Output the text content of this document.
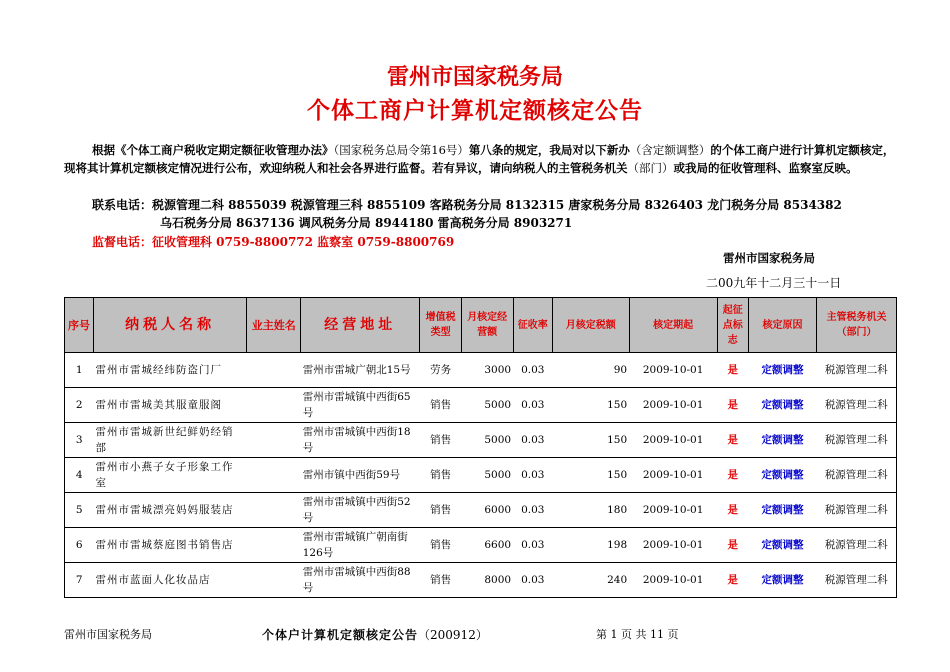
雷州市国家税务局
个体工商户计算机定额核定公告
根据《个体工商户税收定期定额征收管理办法》（国家税务总局令第16号）第八条的规定，我局对以下新办（含定额调整）的个体工商户进行计算机定额核定，现将其计算机定额核定情况进行公布，欢迎纳税人和社会各界进行监督。若有异议，请向纳税人的主管税务机关（部门）或我局的征收管理科、监察室反映。
联系电话：税源管理二科 8855039 税源管理三科 8855109 客路税务分局 8132315 唐家税务分局 8326403 龙门税务分局 8534382
乌石税务分局 8637136 调风税务分局 8944180 雷高税务分局 8903271
监督电话：征收管理科 0759-8800772 监察室 0759-8800769
雷州市国家税务局
二00九年十二月三十一日
序号	纳税人名称	业主姓名	经营地址	增值税类型	月核定经营额	征收率	月核定税额	核定期起	起征点标志	核定原因	主管税务机关（部门）
1	雷州市雷城经纬防盗门厂		雷州市雷城广朝北15号	劳务	3000	0.03	90	2009-10-01	是	定额调整	税源管理二科
2	雷州市雷城美其服童服阁		雷州市雷城镇中西街65号	销售	5000	0.03	150	2009-10-01	是	定额调整	税源管理二科
3	雷州市雷城新世纪鲜奶经销部		雷州市雷城镇中西街18号	销售	5000	0.03	150	2009-10-01	是	定额调整	税源管理二科
4	雷州市小燕子女子形象工作室		雷州市镇中西街59号	销售	5000	0.03	150	2009-10-01	是	定额调整	税源管理二科
5	雷州市雷城漂亮妈妈服装店		雷州市雷城镇中西街52号	销售	6000	0.03	180	2009-10-01	是	定额调整	税源管理二科
6	雷州市雷城蔡庭图书销售店		雷州市雷城镇广朝南街126号	销售	6600	0.03	198	2009-10-01	是	定额调整	税源管理二科
7	雷州市蓝面人化妆品店		雷州市雷城镇中西街88号	销售	8000	0.03	240	2009-10-01	是	定额调整	税源管理二科
雷州市国家税务局	个体户计算机定额核定公告（200912）	第 1 页 共 11 页
